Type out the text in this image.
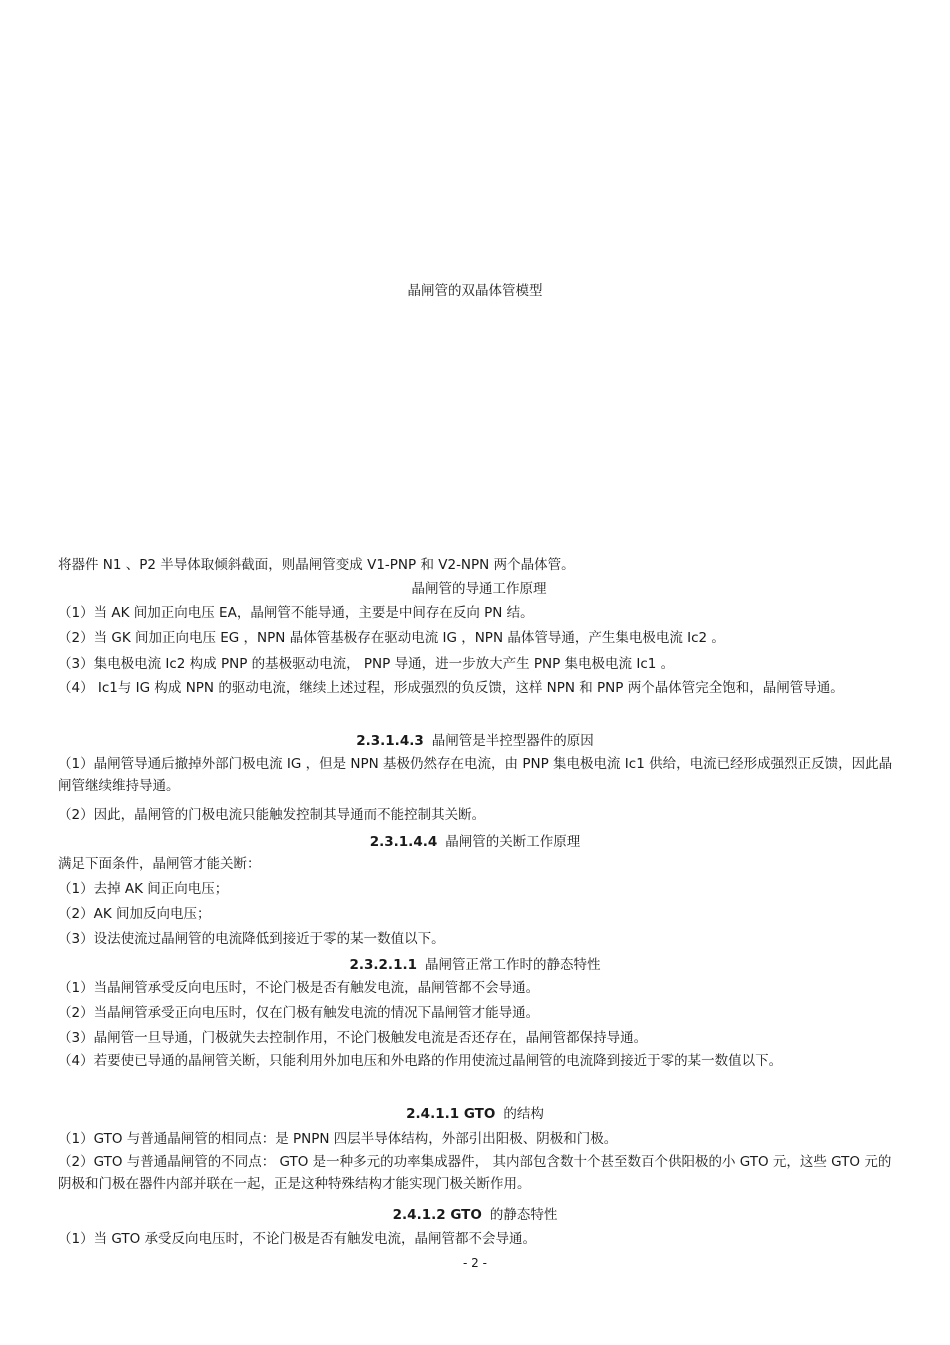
晶闸管的双晶体管模型
将器件 N1 、P2 半导体取倾斜截面，则晶闸管变成 V1-PNP 和 V2-NPN 两个晶体管。
晶闸管的导通工作原理
（1）当 AK 间加正向电压 EA，晶闸管不能导通，主要是中间存在反向 PN 结。
（2）当 GK 间加正向电压 EG ，NPN 晶体管基极存在驱动电流 IG ，NPN 晶体管导通，产生集电极电流 Ic2 。
（3）集电极电流 Ic2 构成 PNP 的基极驱动电流， PNP 导通，进一步放大产生 PNP 集电极电流 Ic1 。
（4） Ic1与 IG 构成 NPN 的驱动电流，继续上述过程，形成强烈的负反馈，这样 NPN 和 PNP 两个晶体管完全饱和，晶闸管导通。
2.3.1.4.3 晶闸管是半控型器件的原因
（1）晶闸管导通后撤掉外部门极电流 IG ，但是 NPN 基极仍然存在电流，由 PNP 集电极电流 Ic1 供给，电流已经形成强烈正反馈，因此晶闸管继续维持导通。
（2）因此，晶闸管的门极电流只能触发控制其导通而不能控制其关断。
2.3.1.4.4 晶闸管的关断工作原理
满足下面条件，晶闸管才能关断：
（1）去掉 AK 间正向电压；
（2）AK 间加反向电压；
（3）设法使流过晶闸管的电流降低到接近于零的某一数值以下。
2.3.2.1.1 晶闸管正常工作时的静态特性
（1）当晶闸管承受反向电压时，不论门极是否有触发电流，晶闸管都不会导通。
（2）当晶闸管承受正向电压时，仅在门极有触发电流的情况下晶闸管才能导通。
（3）晶闸管一旦导通，门极就失去控制作用，不论门极触发电流是否还存在，晶闸管都保持导通。
（4）若要使已导通的晶闸管关断，只能利用外加电压和外电路的作用使流过晶闸管的电流降到接近于零的某一数值以下。
2.4.1.1 GTO 的结构
（1）GTO 与普通晶闸管的相同点：是 PNPN 四层半导体结构，外部引出阳极、阴极和门极。
（2）GTO 与普通晶闸管的不同点： GTO 是一种多元的功率集成器件， 其内部包含数十个甚至数百个供阳极的小 GTO 元，这些 GTO 元的阴极和门极在器件内部并联在一起，正是这种特殊结构才能实现门极关断作用。
2.4.1.2 GTO 的静态特性
（1）当 GTO 承受反向电压时，不论门极是否有触发电流，晶闸管都不会导通。
- 2 -
